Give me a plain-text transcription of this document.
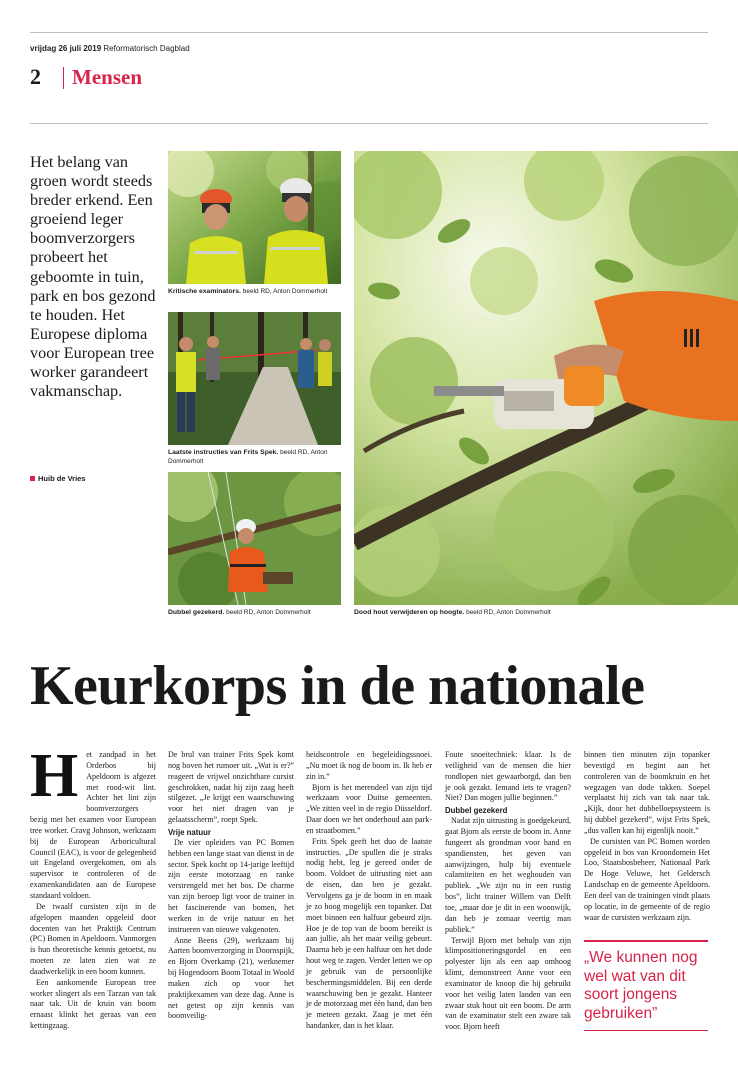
vrijdag 26 juli 2019 Reformatorisch Dagblad
2 Mensen
Het belang van groen wordt steeds breder erkend. Een groeiend leger boomverzorgers probeert het geboomte in tuin, park en bos gezond te houden. Het Europese diploma voor European tree worker garandeert vakmanschap.
Huib de Vries
Kritische examinators. beeld RD, Anton Dommerholt
Laatste instructies van Frits Spek. beeld RD, Anton Dommerholt
Dubbel gezekerd. beeld RD, Anton Dommerholt	Dood hout verwijderen op hoogte. beeld RD, Anton Dommerholt
Keurkorps in de nationale
H et zandpad in het Orderbos bij Apeldoorn is afgezet met rood-wit lint. Achter het lint zijn boomverzorgers bezig met het examen voor European tree worker. Cravg Johnson, werkzaam bij de European Arboricultural Council (EAC), is voor de gelegenheid uit Engeland overgekomen, om als supervisor te controleren of de examenkandidaten aan de Europese standaard voldoen.

De twaalf cursisten zijn in de afgelopen maanden opgeleid door docenten van het Praktijk Centrum (PC) Bomen in Apeldoorn. Vanmorgen is hun theoretische kennis getoetst, nu moeten ze laten zien wat ze daadwerkelijk in een boom kunnen.

Een aankomende European tree worker slingert als een Tarzan van tak naar tak. Uit de kruin van boom ernaast klinkt het geraas van een kettingzaag.

De brul van trainer Frits Spek komt nog boven het rumoer uit. „Wat is er?” reageert de vrijwel onzichtbare cursist geschrokken, nadat hij zijn zaag heeft stilgezet. „Je krijgt een waarschuwing voor het niet dragen van je gelaatsscherm”, roept Spek.

Vrije natuur

De vier opleiders van PC Bomen hebben een lange staat van dienst in de sector. Spek kocht op 14-jarige leeftijd zijn eerste motorzaag en ranke verstrengeld met het bos. De charme van zijn beroep ligt voor de trainer in het fascinerende van bomen, het werken in de vrije natuur en het instrueren van nieuwe vakgenoten.

Anne Beens (29), werkzaam bij Aarten boomverzorging in Doornspijk, en Bjorn Overkamp (21), werknemer bij Hogendoorn Boom Totaal in Woold maken zich op voor het praktijkexamen van deze dag. Anne is net getest op zijn kennis van boomveilig-

heidscontrole en begeleidingssnoei. „Nu moet ik nog de boom in. Ik heb er zin in.”

Bjorn is het merendeel van zijn tijd werkzaam voor Duitse gemeenten. „We zitten veel in de regio Düsseldorf. Daar doen we het onderhoud aan park- en straatbomen.”

Frits Spek geeft het duo de laatste instructies. „De spullen die je straks nodig hebt, leg je gereed onder de boom. Voldoet de uitrusting niet aan de eisen, dan ben je gezakt. Vervolgens ga je de boom in en maak je zo hoog mogelijk een topanker. Dat moet binnen een halfuur gebeurd zijn. Hoe je de top van de boom bereikt is aan jullie, als het maar veilig gebeurt. Daarna heb je een halfuur om het dode hout weg te zagen. Verder letten we op je gebruik van de persoonlijke beschermingsmiddelen. Bij een derde waarschuwing ben je gezakt. Hanteer je de motorzaag met één hand, dan ben je meteen gezakt. Zaag je met één handanker, dan is het klaar.

Foute snoeitechniek: klaar. Is de veiligheid van de mensen die hier rondlopen niet gewaarborgd, dan ben je ook gezakt. Iemand iets te vragen? Niet? Dan mogen jullie beginnen.”

Dubbel gezekerd

Nadat zijn uitrusting is goedgekeurd, gaat Bjorn als eerste de boom in. Anne fungeert als grondman voor hand en spandiensten, het geven van aanwijzingen, hulp bij eventuele calamiteiten en het weghouden van publiek. „We zijn nu in een rustig bos”, licht trainer Willem van Delft toe, „maar doe je dit in een woonwijk, dan heb je zomaar veertig man publiek.”

Terwijl Bjorn met behulp van zijn klimpositioneringsgordel en een polyester lijn als een aap omhoog klimt, demonstreert Anne voor een examinator de knoop die hij gebruikt voor het veilig laten landen van een zwaar stuk hout uit een boom. De arm van de examinator stelt een zware tak voor. Bjorn heeft

binnen tien minuten zijn topanker bevestigd en begint aan het controleren van de boomkruin en het wegzagen van dode takken. Soepel verplaatst hij zich van tak naar tak. „Kijk, door het dubbelloepsysteem is hij dubbel gezekerd”, wijst Frits Spek, „dus vallen kan hij eigenlijk nooit.”

De cursisten van PC Bomen worden opgeleid in bos van Kroondomein Het Loo, Staatsbosbeheer, Nationaal Park De Hoge Veluwe, het Geldersch Landschap en de gemeente Apeldoorn. Een deel van de trainingen vindt plaats op locatie, in de gemeente of de regio waar de cursisten werkzaam zijn.

„We kunnen nog wel wat van dit soort jongens gebruiken”
